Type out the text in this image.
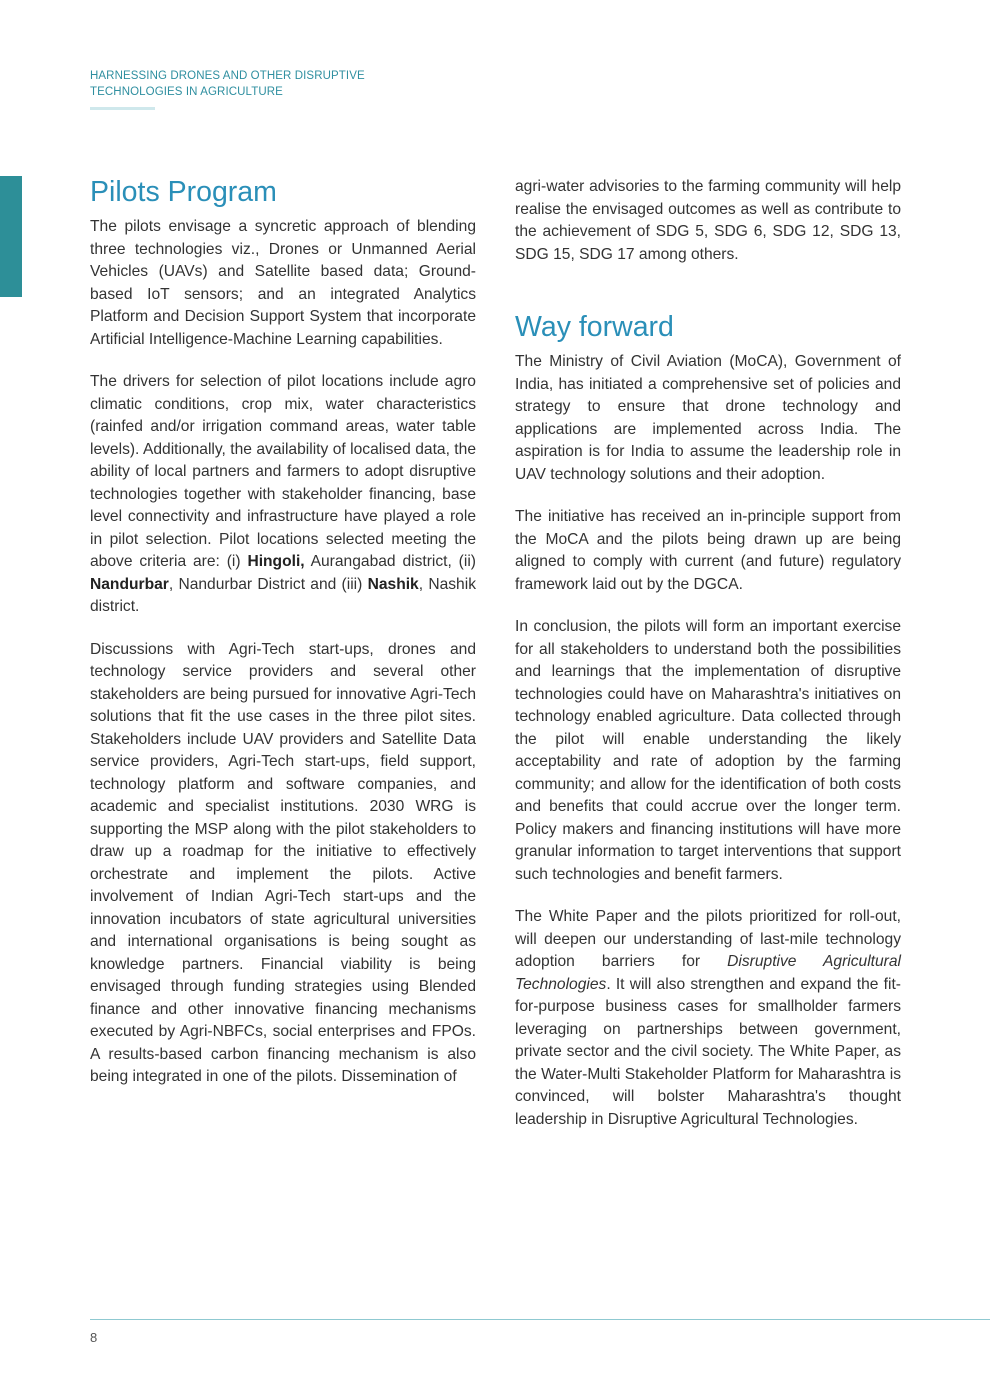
HARNESSING DRONES AND OTHER DISRUPTIVE
TECHNOLOGIES IN AGRICULTURE
Pilots Program

The pilots envisage a syncretic approach of blending three technologies viz., Drones or Unmanned Aerial Vehicles (UAVs) and Satellite based data; Ground-based IoT sensors; and an integrated Analytics Platform and Decision Support System that incorporate Artificial Intelligence-Machine Learning capabilities.

The drivers for selection of pilot locations include agro climatic conditions, crop mix, water characteristics (rainfed and/or irrigation command areas, water table levels). Additionally, the availability of localised data, the ability of local partners and farmers to adopt disruptive technologies together with stakeholder financing, base level connectivity and infrastructure have played a role in pilot selection. Pilot locations selected meeting the above criteria are: (i) Hingoli, Aurangabad district, (ii) Nandurbar, Nandurbar District and (iii) Nashik, Nashik district.

Discussions with Agri-Tech start-ups, drones and technology service providers and several other stakeholders are being pursued for innovative Agri-Tech solutions that fit the use cases in the three pilot sites. Stakeholders include UAV providers and Satellite Data service providers, Agri-Tech start-ups, field support, technology platform and software companies, and academic and specialist institutions. 2030 WRG is supporting the MSP along with the pilot stakeholders to draw up a roadmap for the initiative to effectively orchestrate and implement the pilots. Active involvement of Indian Agri-Tech start-ups and the innovation incubators of state agricultural universities and international organisations is being sought as knowledge partners. Financial viability is being envisaged through funding strategies using Blended finance and other innovative financing mechanisms executed by Agri-NBFCs, social enterprises and FPOs. A results-based carbon financing mechanism is also being integrated in one of the pilots. Dissemination of

agri-water advisories to the farming community will help realise the envisaged outcomes as well as contribute to the achievement of SDG 5, SDG 6, SDG 12, SDG 13, SDG 15, SDG 17 among others.

Way forward

The Ministry of Civil Aviation (MoCA), Government of India, has initiated a comprehensive set of policies and strategy to ensure that drone technology and applications are implemented across India. The aspiration is for India to assume the leadership role in UAV technology solutions and their adoption.

The initiative has received an in-principle support from the MoCA and the pilots being drawn up are being aligned to comply with current (and future) regulatory framework laid out by the DGCA.

In conclusion, the pilots will form an important exercise for all stakeholders to understand both the possibilities and learnings that the implementation of disruptive technologies could have on Maharashtra's initiatives on technology enabled agriculture. Data collected through the pilot will enable understanding the likely acceptability and rate of adoption by the farming community; and allow for the identification of both costs and benefits that could accrue over the longer term. Policy makers and financing institutions will have more granular information to target interventions that support such technologies and benefit farmers.

The White Paper and the pilots prioritized for roll-out, will deepen our understanding of last-mile technology adoption barriers for Disruptive Agricultural Technologies. It will also strengthen and expand the fit-for-purpose business cases for smallholder farmers leveraging on partnerships between government, private sector and the civil society. The White Paper, as the Water-Multi Stakeholder Platform for Maharashtra is convinced, will bolster Maharashtra's thought leadership in Disruptive Agricultural Technologies.

8
